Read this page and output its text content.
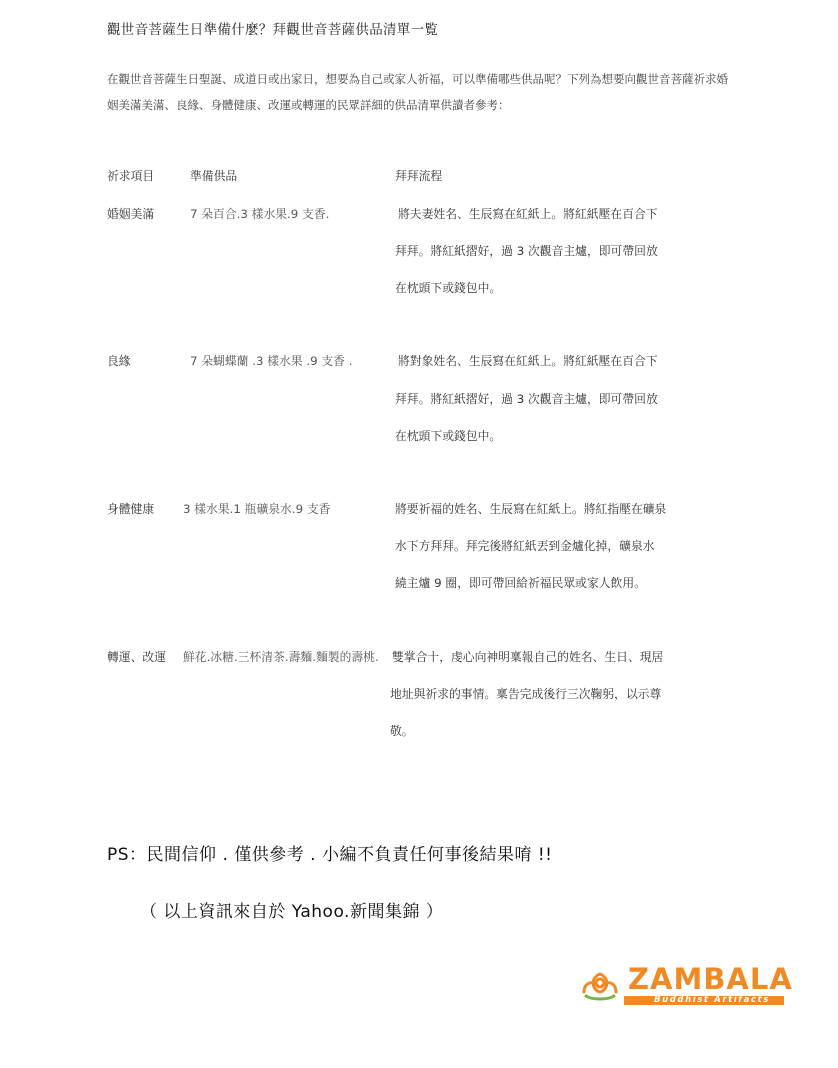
觀世音菩薩生日準備什麼？拜觀世音菩薩供品清單一覧
在觀世音菩薩生日聖誕、成道日或出家日，想要為自己或家人祈福，可以準備哪些供品呢？下列為想要向觀世音菩薩祈求婚
姻美滿美滿、良緣、身體健康、改運或轉運的民眾詳細的供品清單供讀者參考：
祈求項目	準備供品	拜拜流程
婚姻美滿	7 朵百合.3 樣水果.9 支香.	將夫妻姓名、生辰寫在紅紙上。將紅紙壓在百合下
拜拜。將紅紙摺好，過 3 次觀音主爐，即可帶回放
在枕頭下或錢包中。
良緣	7 朵蝴蝶蘭 .3 樣水果 .9 支香 .	將對象姓名、生辰寫在紅紙上。將紅紙壓在百合下
拜拜。將紅紙摺好，過 3 次觀音主爐，即可帶回放
在枕頭下或錢包中。
身體健康 3 樣水果.1 瓶礦泉水.9 支香	將要祈福的姓名、生辰寫在紅紙上。將紅指壓在礦泉
水下方拜拜。拜完後將紅紙丟到金爐化掉，礦泉水
繞主爐 9 圈，即可帶回給祈福民眾或家人飲用。
轉運、改運 鮮花.冰糖.三杯清茶.壽麵.麵製的壽桃. 雙掌合十，虔心向神明稟報自己的姓名、生日、現居
地址與祈求的事情。稟告完成後行三次鞠躬，以示尊
敬。
PS：民間信仰 . 僅供參考 . 小編不負責任何事後結果唷 !!
（ 以上資訊來自於 Yahoo.新聞集錦 ）
ZAMBALA
Buddhist Artifacts
